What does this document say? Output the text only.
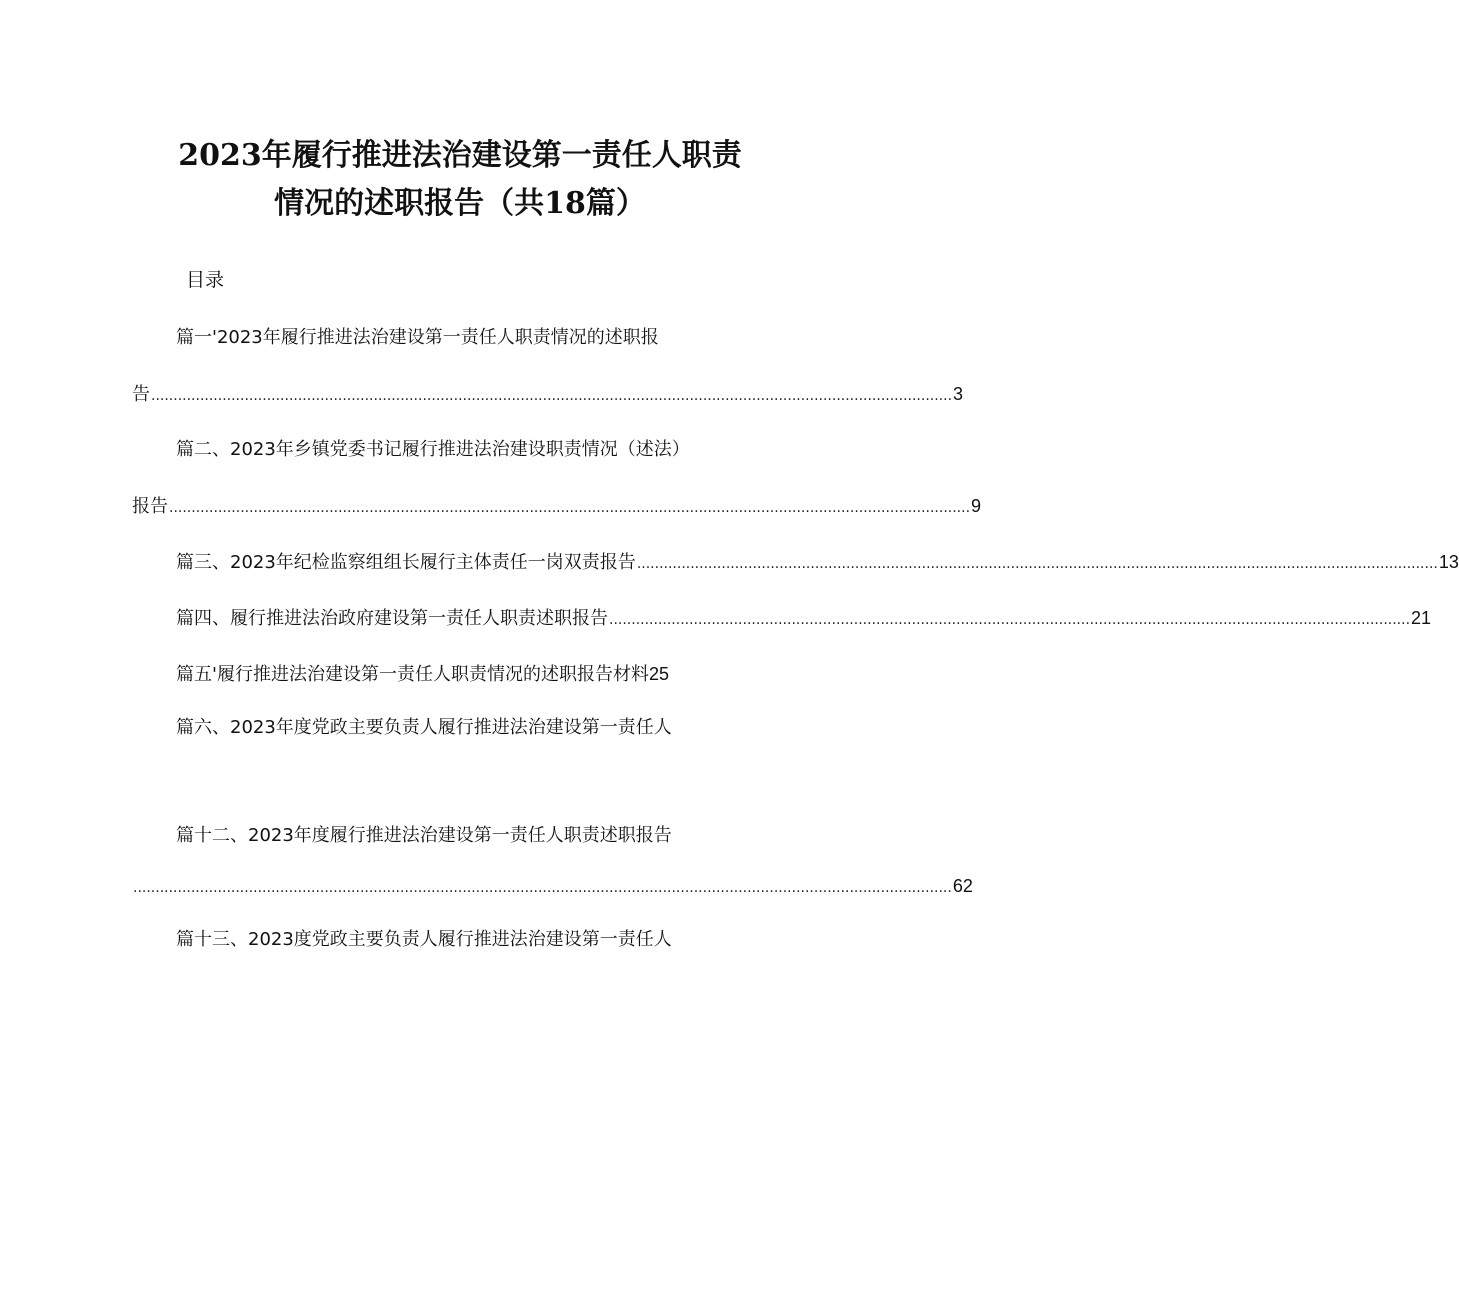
2023年履行推进法治建设第一责任人职责
情况的述职报告（共18篇）
目录
篇一'2023年履行推进法治建设第一责任人职责情况的述职报
告 .................................................................................................................................................................................... 3
篇二、2023年乡镇党委书记履行推进法治建设职责情况（述法）
报告 .................................................................................................................................................................................... 9
篇三、2023年纪检监察组组长履行主体责任一岗双责报告 .................................................................................................................................................................................... 13
篇四、履行推进法治政府建设第一责任人职责述职报告 .................................................................................................................................................................................... 21
篇五'履行推进法治建设第一责任人职责情况的述职报告材料 25
篇六、2023年度党政主要负责人履行推进法治建设第一责任人
篇十二、2023年度履行推进法治建设第一责任人职责述职报告
........................................................................................................................................................................................ 62
篇十三、2023度党政主要负责人履行推进法治建设第一责任人
